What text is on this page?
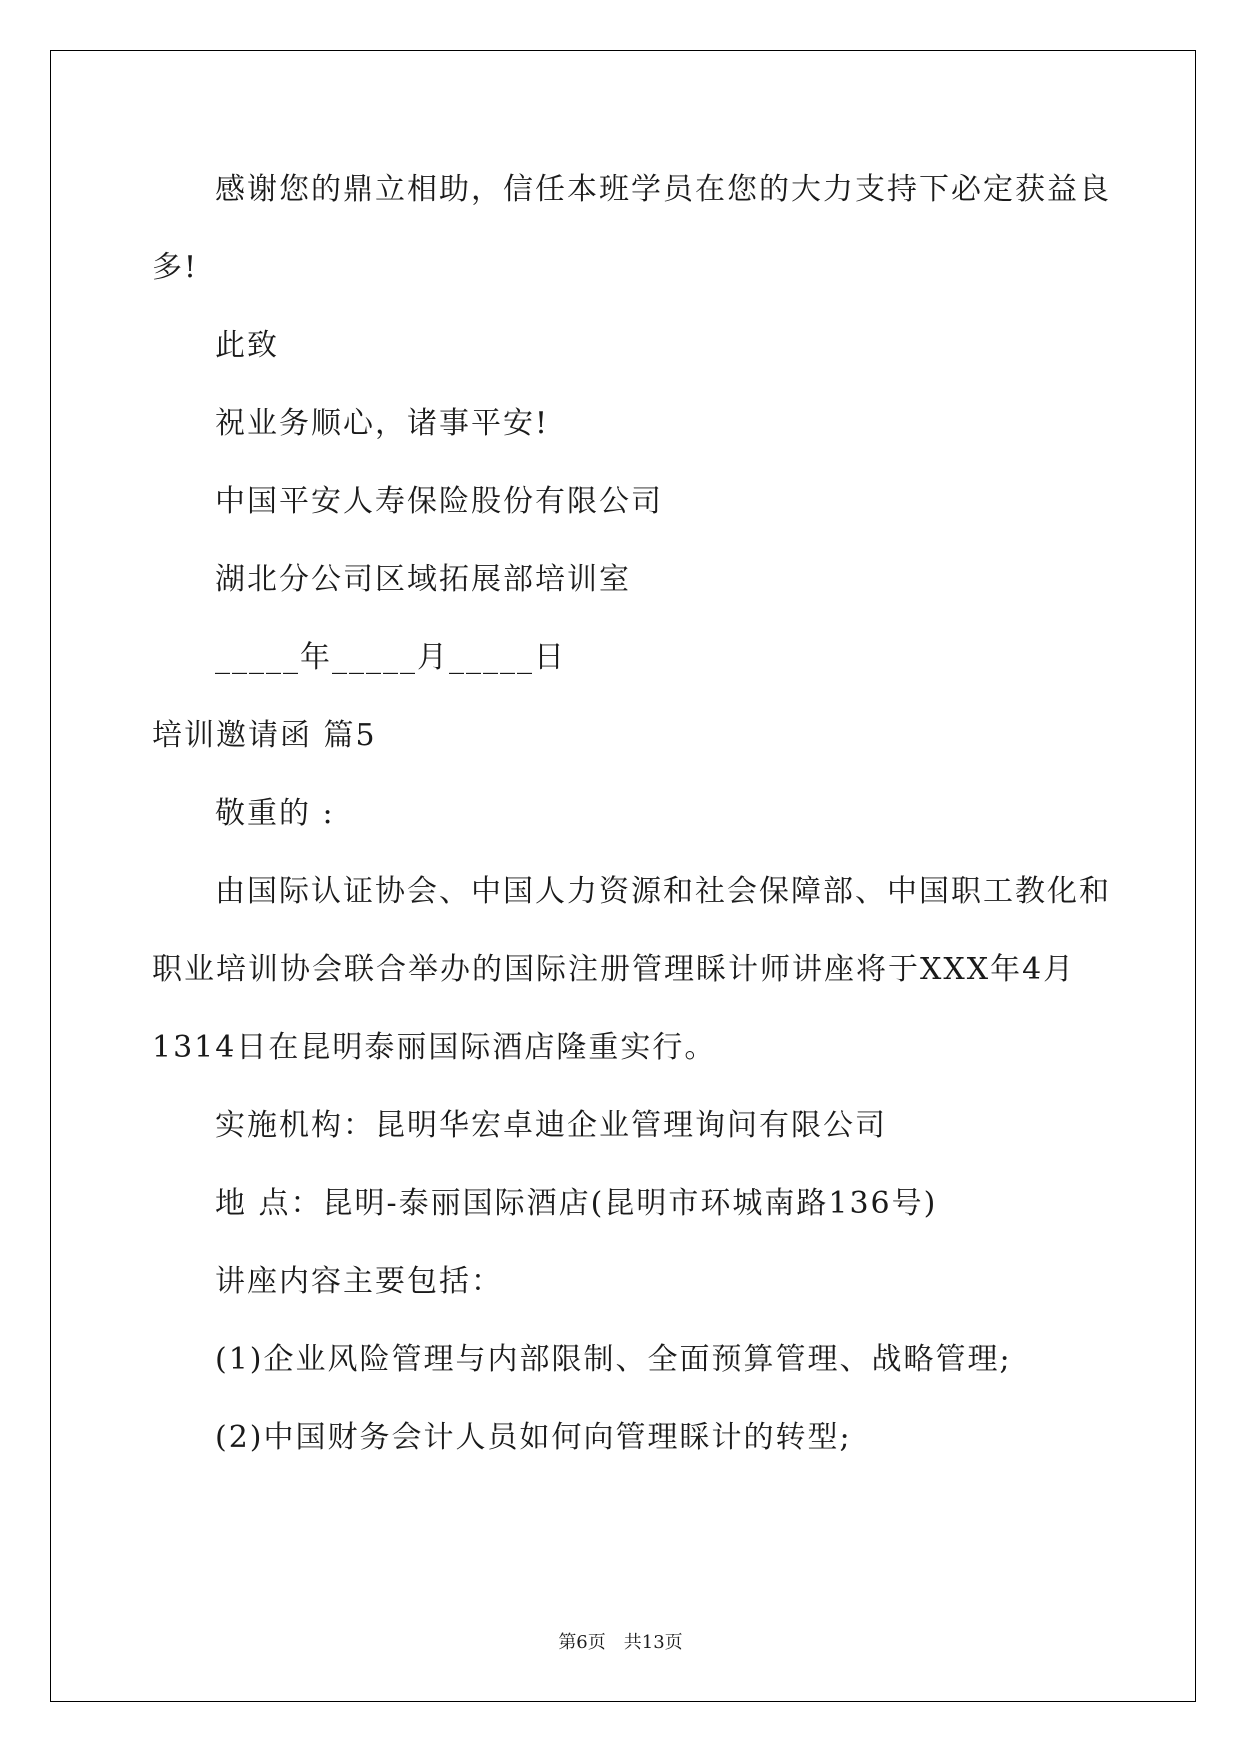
感谢您的鼎立相助，信任本班学员在您的大力支持下必定获益良
多!
此致
祝业务顺心，诸事平安!
中国平安人寿保险股份有限公司
湖北分公司区域拓展部培训室
_____年_____月_____日
培训邀请函 篇5
敬重的 :
由国际认证协会、中国人力资源和社会保障部、中国职工教化和
职业培训协会联合举办的国际注册管理睬计师讲座将于XXX年4月
1314日在昆明泰丽国际酒店隆重实行。
实施机构：昆明华宏卓迪企业管理询问有限公司
地 点：昆明-泰丽国际酒店(昆明市环城南路136号)
讲座内容主要包括：
(1)企业风险管理与内部限制、全面预算管理、战略管理;
(2)中国财务会计人员如何向管理睬计的转型;
第6页　共13页
